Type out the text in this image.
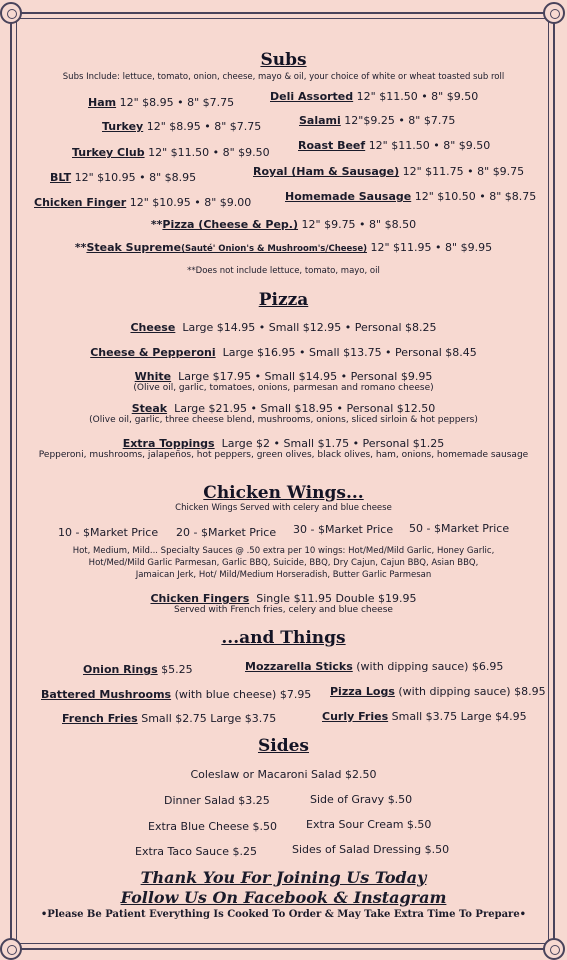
Subs
Subs Include: lettuce, tomato, onion, cheese, mayo & oil, your choice of white or wheat toasted sub roll
Ham 12" $8.95 • 8" $7.75	Deli Assorted 12" $11.50 • 8" $9.50
Turkey 12" $8.95 • 8" $7.75	Salami 12"$9.25 • 8" $7.75
Turkey Club 12" $11.50 • 8" $9.50
Roast Beef 12" $11.50 • 8" $9.50
BLT 12" $10.95 • 8" $8.95	Royal (Ham & Sausage) 12" $11.75 • 8" $9.75
Chicken Finger 12" $10.95 • 8" $9.00	Homemade Sausage 12" $10.50 • 8" $8.75
**Pizza (Cheese & Pep.) 12" $9.75 • 8" $8.50
**Steak Supreme(Sauté' Onion's & Mushroom's/Cheese) 12" $11.95 • 8" $9.95
**Does not include lettuce, tomato, mayo, oil
Pizza
Cheese Large $14.95 • Small $12.95 • Personal $8.25
Cheese & Pepperoni Large $16.95 • Small $13.75 • Personal $8.45
White Large $17.95 • Small $14.95 • Personal $9.95
(Olive oil, garlic, tomatoes, onions, parmesan and romano cheese)
Steak Large $21.95 • Small $18.95 • Personal $12.50
(Olive oil, garlic, three cheese blend, mushrooms, onions, sliced sirloin & hot peppers)
Extra Toppings Large $2 • Small $1.75 • Personal $1.25
Pepperoni, mushrooms, jalapeños, hot peppers, green olives, black olives, ham, onions, homemade sausage
Chicken Wings...
Chicken Wings Served with celery and blue cheese
10 - $Market Price 20 - $Market Price 30 - $Market Price 50 - $Market Price
Hot, Medium, Mild... Specialty Sauces @ .50 extra per 10 wings: Hot/Med/Mild Garlic, Honey Garlic,
Hot/Med/Mild Garlic Parmesan, Garlic BBQ, Suicide, BBQ, Dry Cajun, Cajun BBQ, Asian BBQ,
Jamaican Jerk, Hot/ Mild/Medium Horseradish, Butter Garlic Parmesan
Chicken Fingers Single $11.95 Double $19.95
Served with French fries, celery and blue cheese
...and Things
Onion Rings $5.25	Mozzarella Sticks (with dipping sauce) $6.95
Battered Mushrooms (with blue cheese) $7.95 Pizza Logs (with dipping sauce) $8.95
French Fries Small $2.75 Large $3.75	Curly Fries Small $3.75 Large $4.95
Sides
Coleslaw or Macaroni Salad $2.50
Dinner Salad $3.25	Side of Gravy $.50
Extra Blue Cheese $.50	Extra Sour Cream $.50
Extra Taco Sauce $.25	Sides of Salad Dressing $.50
Thank You For Joining Us Today
Follow Us On Facebook & Instagram
•Please Be Patient Everything Is Cooked To Order & May Take Extra Time To Prepare•
